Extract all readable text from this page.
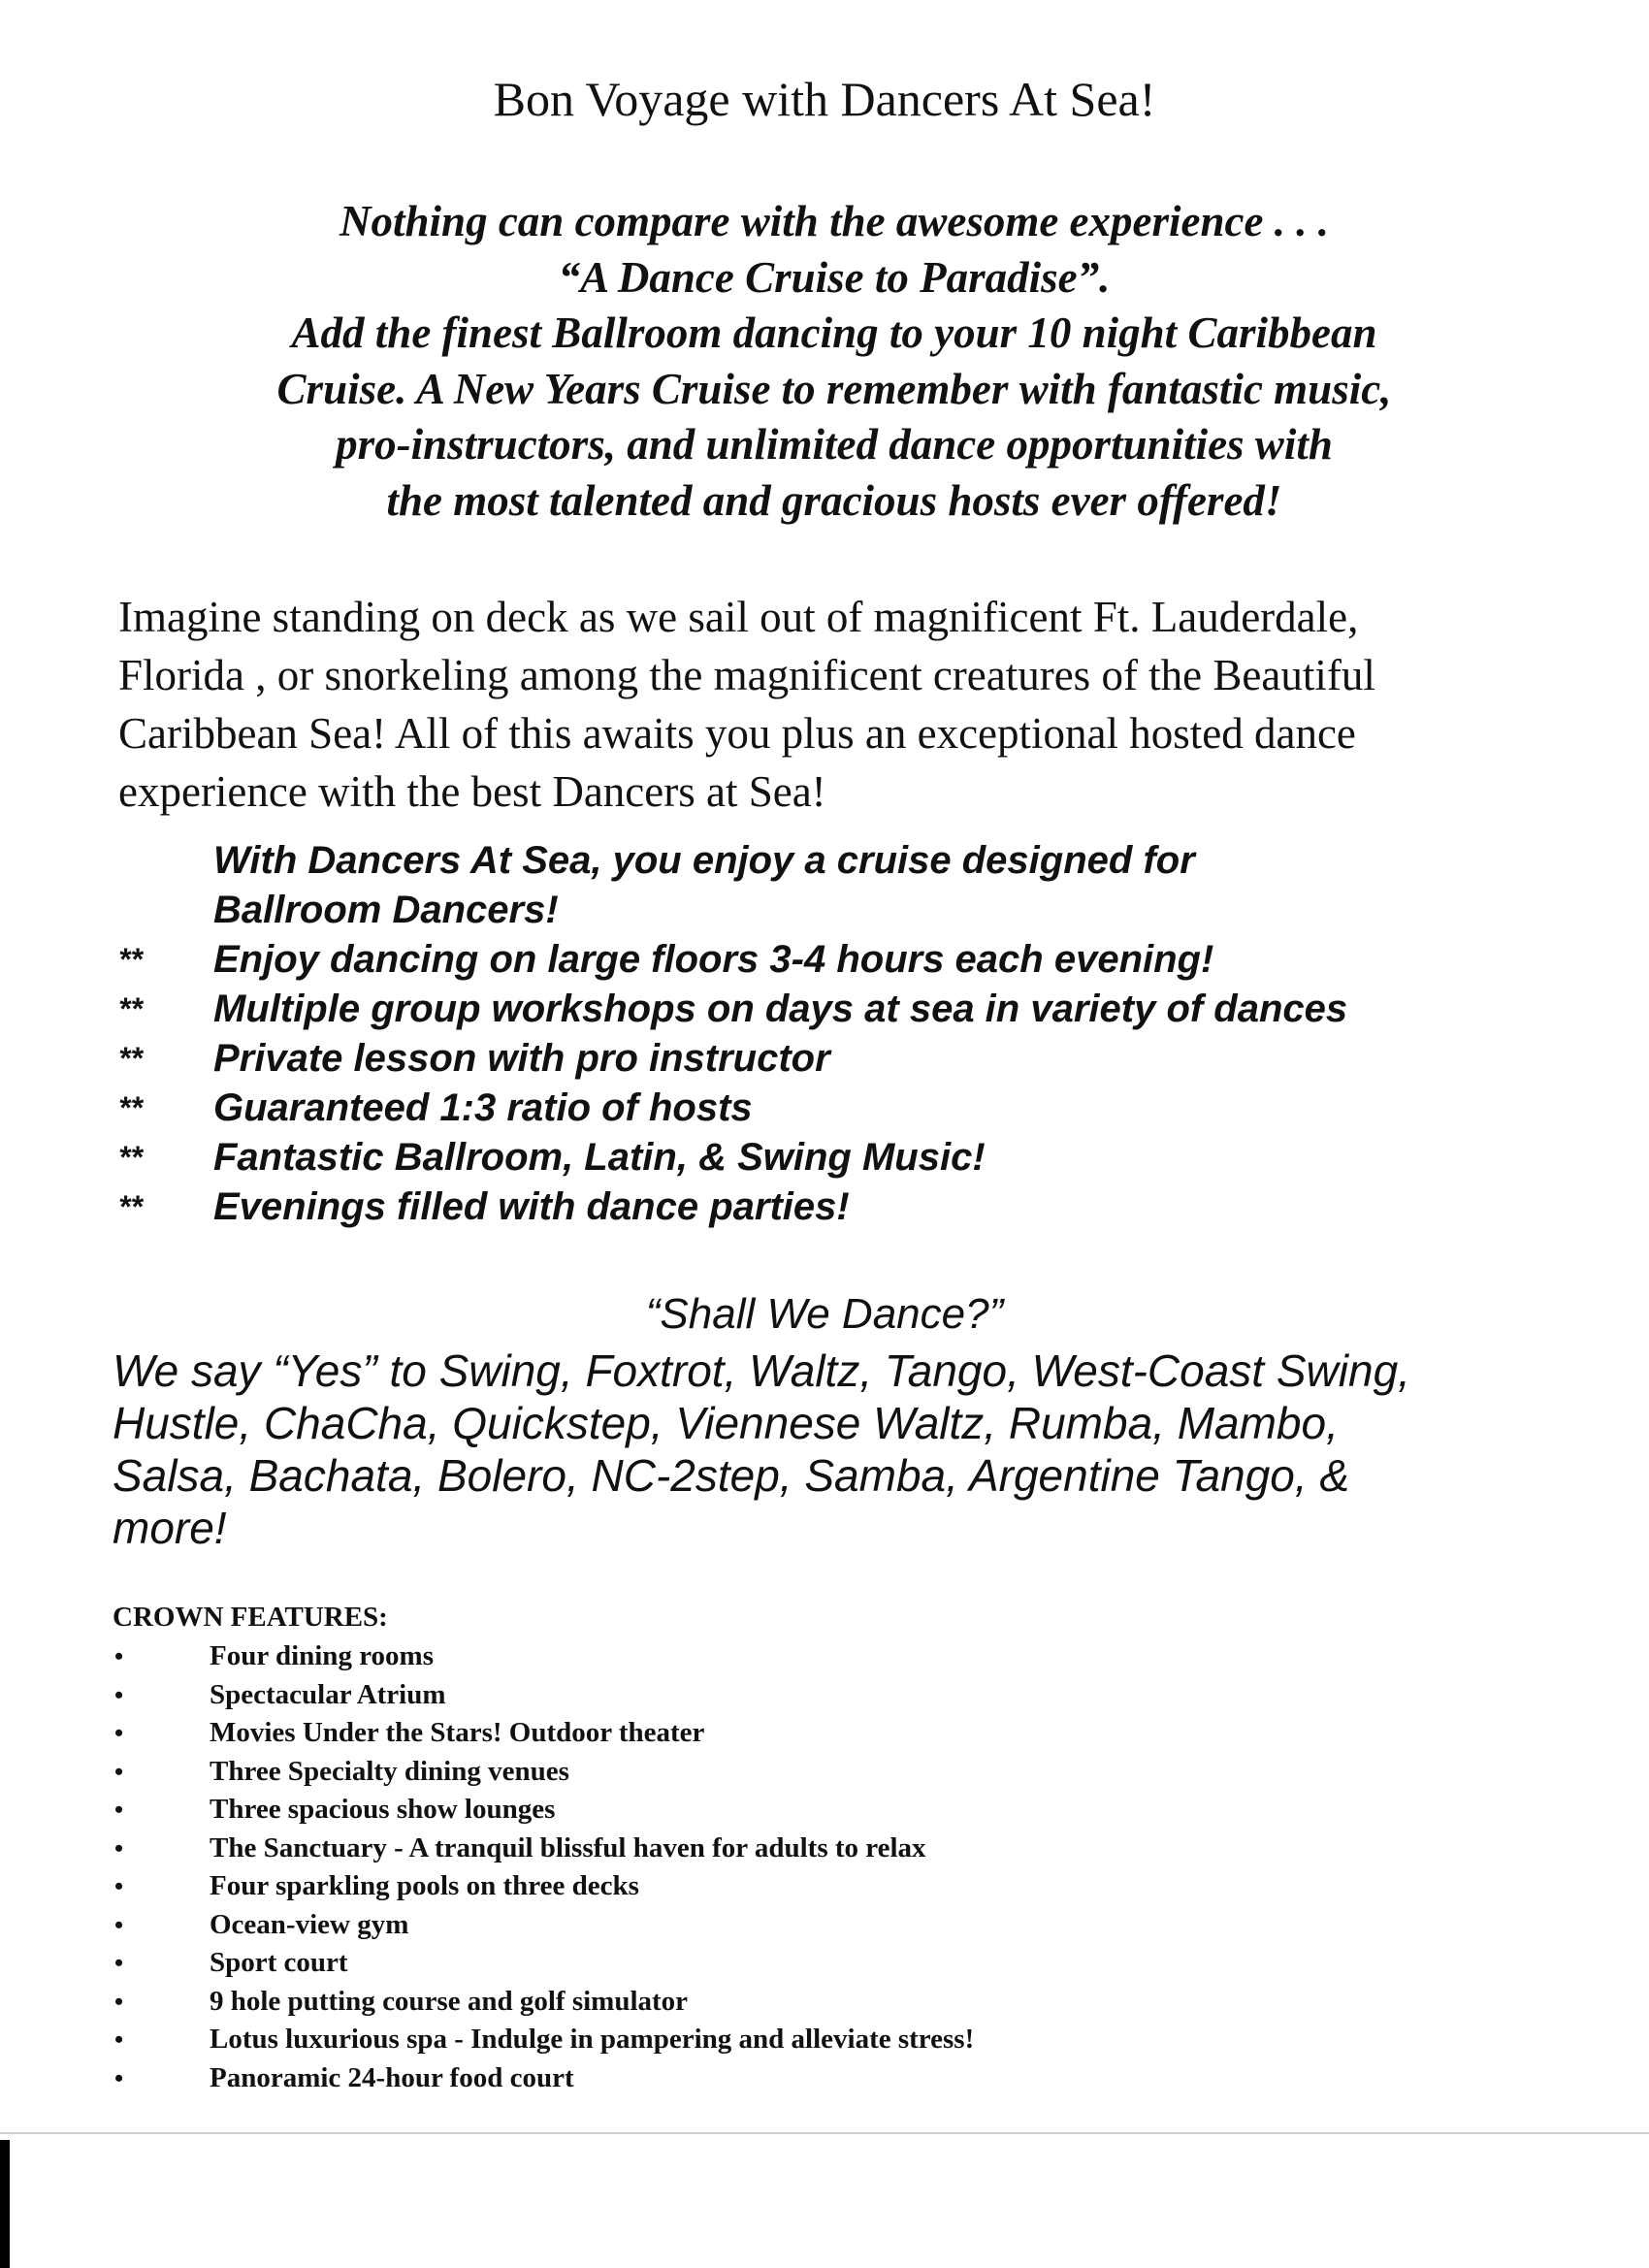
Bon Voyage with Dancers At Sea!
Nothing can compare with the awesome experience . . .
“A Dance Cruise to Paradise”.
Add the finest Ballroom dancing to your 10 night Caribbean
Cruise. A New Years Cruise to remember with fantastic music,
pro-instructors, and unlimited dance opportunities with
the most talented and gracious hosts ever offered!
Imagine standing on deck as we sail out of magnificent Ft. Lauderdale,
Florida , or snorkeling among the magnificent creatures of the Beautiful
Caribbean Sea! All of this awaits you plus an exceptional hosted dance
experience with the best Dancers at Sea!
With Dancers At Sea, you enjoy a cruise designed for
Ballroom Dancers!
** Enjoy dancing on large floors 3-4 hours each evening!
** Multiple group workshops on days at sea in variety of dances
** Private lesson with pro instructor
** Guaranteed 1:3 ratio of hosts
** Fantastic Ballroom, Latin, & Swing Music!
** Evenings filled with dance parties!
“Shall We Dance?”
We say “Yes” to Swing, Foxtrot, Waltz, Tango, West-Coast Swing,
Hustle, ChaCha, Quickstep, Viennese Waltz, Rumba, Mambo,
Salsa, Bachata, Bolero, NC-2step, Samba, Argentine Tango, &
more!
CROWN FEATURES:
•	Four dining rooms
•	Spectacular Atrium
•	Movies Under the Stars! Outdoor theater
•	Three Specialty dining venues
•	Three spacious show lounges
•	The Sanctuary - A tranquil blissful haven for adults to relax
•	Four sparkling pools on three decks
•	Ocean-view gym
•	Sport court
•	9 hole putting course and golf simulator
•	Lotus luxurious spa - Indulge in pampering and alleviate stress!
•	Panoramic 24-hour food court
